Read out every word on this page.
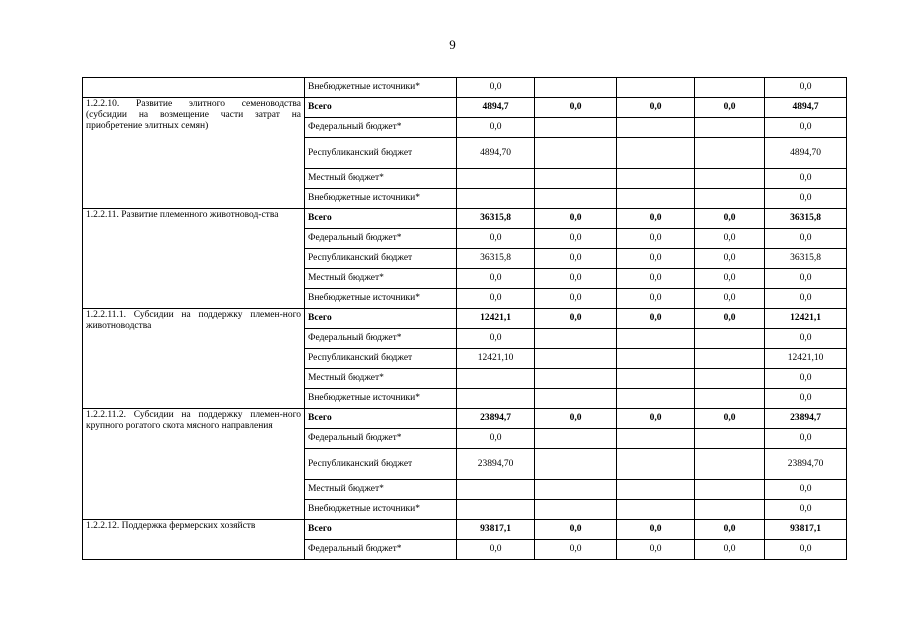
9
	Внебюджетные источники*	0,0				0,0
1.2.2.10. Развитие элитного семеноводства (субсидии на возмещение части затрат на приобретение элитных семян)	Всего	4894,7	0,0	0,0	0,0	4894,7
	Федеральный бюджет*	0,0				0,0
	Республиканский бюджет	4894,70				4894,70
	Местный бюджет*					0,0
	Внебюджетные источники*					0,0
1.2.2.11. Развитие племенного животновод-ства	Всего	36315,8	0,0	0,0	0,0	36315,8
	Федеральный бюджет*	0,0	0,0	0,0	0,0	0,0
	Республиканский бюджет	36315,8	0,0	0,0	0,0	36315,8
	Местный бюджет*	0,0	0,0	0,0	0,0	0,0
	Внебюджетные источники*	0,0	0,0	0,0	0,0	0,0
1.2.2.11.1. Субсидии на поддержку племен-ного животноводства	Всего	12421,1	0,0	0,0	0,0	12421,1
	Федеральный бюджет*	0,0				0,0
	Республиканский бюджет	12421,10				12421,10
	Местный бюджет*					0,0
	Внебюджетные источники*					0,0
1.2.2.11.2. Субсидии на поддержку племен-ного крупного рогатого скота мясного направления	Всего	23894,7	0,0	0,0	0,0	23894,7
	Федеральный бюджет*	0,0				0,0
	Республиканский бюджет	23894,70				23894,70
	Местный бюджет*					0,0
	Внебюджетные источники*					0,0
1.2.2.12. Поддержка фермерских хозяйств	Всего	93817,1	0,0	0,0	0,0	93817,1
	Федеральный бюджет*	0,0	0,0	0,0	0,0	0,0
